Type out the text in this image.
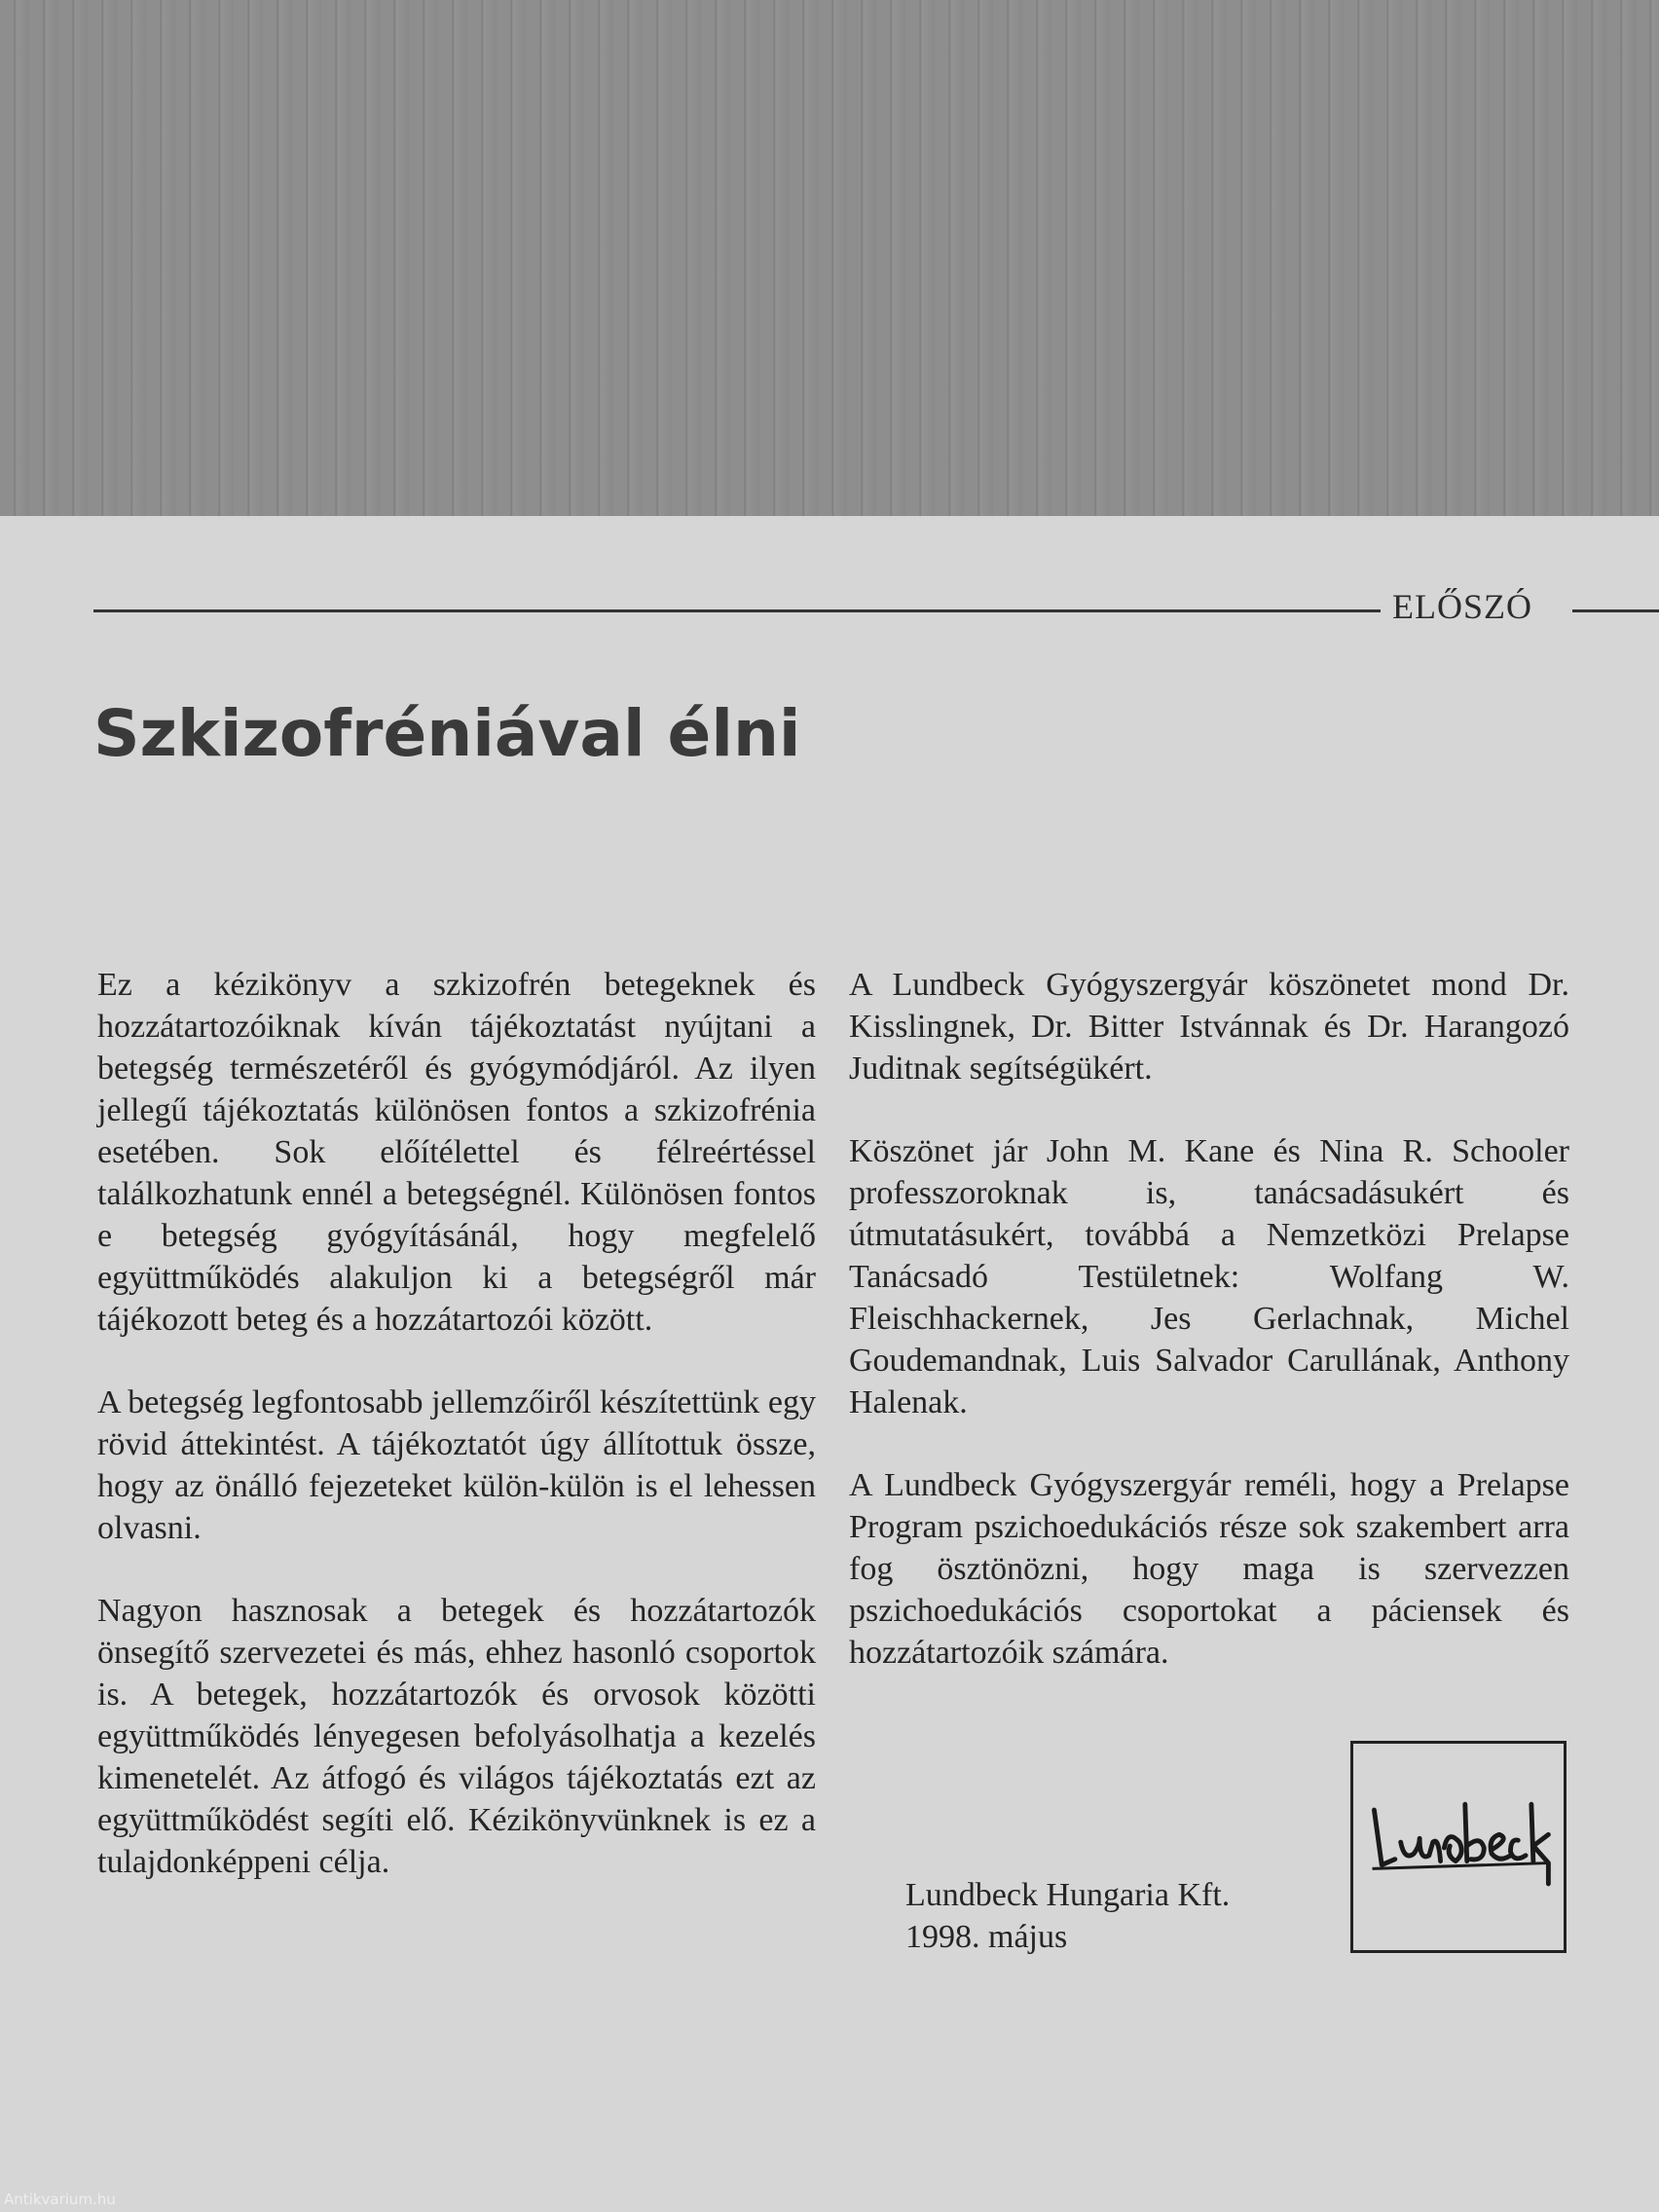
ELŐSZÓ
Szkizofréniával élni

Ez a kézikönyv a szkizofrén betegeknek és hozzátartozóiknak kíván tájékoztatást nyújtani a betegség természetéről és gyógymódjáról. Az ilyen jellegű tájékoztatás különösen fontos a szkizofrénia esetében. Sok előítélettel és félreértéssel találkozhatunk ennél a betegségnél. Különösen fontos e betegség gyógyításánál, hogy megfelelő együttműködés alakuljon ki a betegségről már tájékozott beteg és a hozzátartozói között.

A betegség legfontosabb jellemzőiről készítettünk egy rövid áttekintést. A tájékoztatót úgy állítottuk össze, hogy az önálló fejezeteket külön-külön is el lehessen olvasni.

Nagyon hasznosak a betegek és hozzátartozók önsegítő szervezetei és más, ehhez hasonló csoportok is. A betegek, hozzátartozók és orvosok közötti együttműködés lényegesen befolyásolhatja a kezelés kimenetelét. Az átfogó és világos tájékoztatás ezt az együttműködést segíti elő. Kézikönyvünknek is ez a tulajdonképpeni célja.

A Lundbeck Gyógyszergyár köszönetet mond Dr. Kisslingnek, Dr. Bitter Istvánnak és Dr. Harangozó Juditnak segítségükért.

Köszönet jár John M. Kane és Nina R. Schooler professzoroknak is, tanácsadásukért és útmutatásukért, továbbá a Nemzetközi Prelapse Tanácsadó Testületnek: Wolfang W. Fleischhackernek, Jes Gerlachnak, Michel Goudemandnak, Luis Salvador Carullának, Anthony Halenak.

A Lundbeck Gyógyszergyár reméli, hogy a Prelapse Program pszichoedukációs része sok szakembert arra fog ösztönözni, hogy maga is szervezzen pszichoedukációs csoportokat a páciensek és hozzátartozóik számára.

Lundbeck Hungaria Kft.
1998. május
Antikvarium.hu
